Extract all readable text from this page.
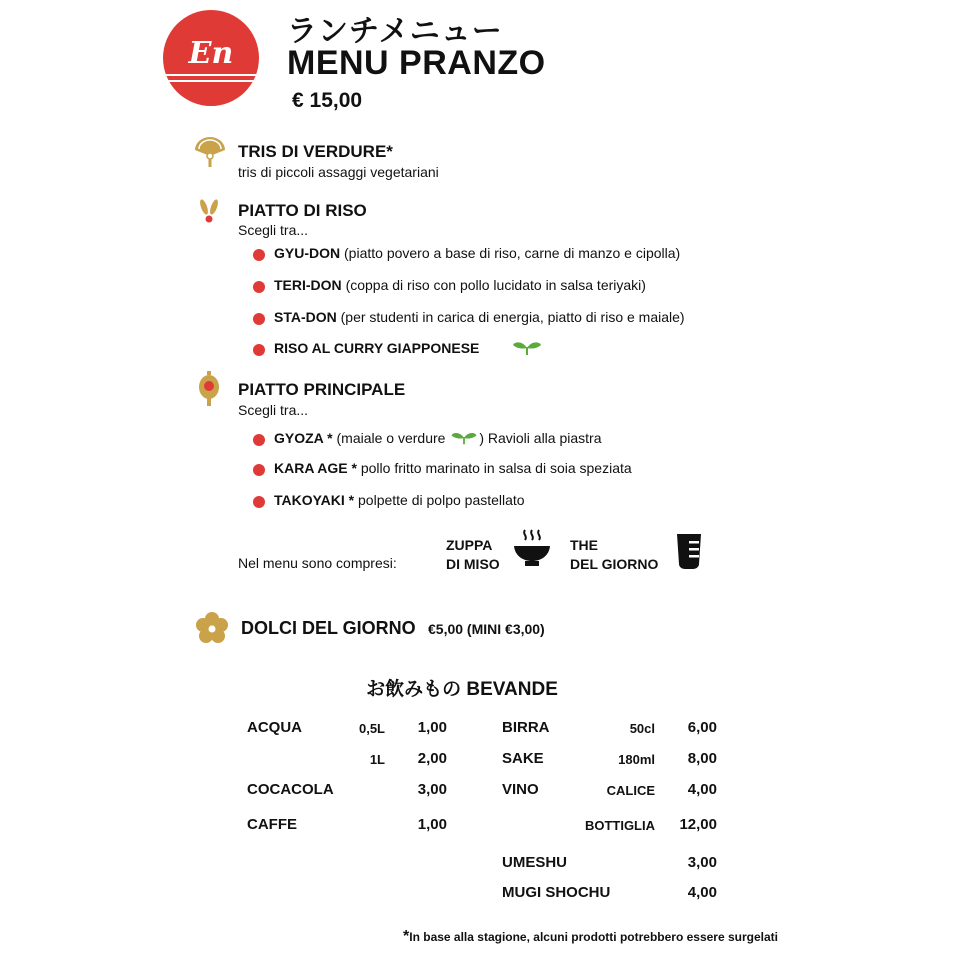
En
ランチメニュー
MENU PRANZO
€ 15,00
TRIS DI VERDURE*
tris di piccoli assaggi vegetariani
PIATTO DI RISO
Scegli tra...
GYU-DON (piatto povero a base di riso, carne di manzo e cipolla)
TERI-DON (coppa di riso con pollo lucidato in salsa teriyaki)
STA-DON (per studenti in carica di energia, piatto di riso e maiale)
RISO AL CURRY GIAPPONESE
PIATTO PRINCIPALE
Scegli tra...
GYOZA * (maiale o verdure ) Ravioli alla piastra
KARA AGE * pollo fritto marinato in salsa di soia speziata
TAKOYAKI * polpette di polpo pastellato
Nel menu sono compresi:
ZUPPA
DI MISO
THE
DEL GIORNO
DOLCI DEL GIORNO €5,00 (MINI €3,00)
お飲みもの BEVANDE
ACQUA	0,5L	1,00
1L	2,00
COCACOLA	3,00
CAFFE	1,00
BIRRA	50cl	6,00
SAKE	180ml	8,00
VINO	CALICE	4,00
BOTTIGLIA	12,00
UMESHU	3,00
MUGI SHOCHU	4,00
*In base alla stagione, alcuni prodotti potrebbero essere surgelati
